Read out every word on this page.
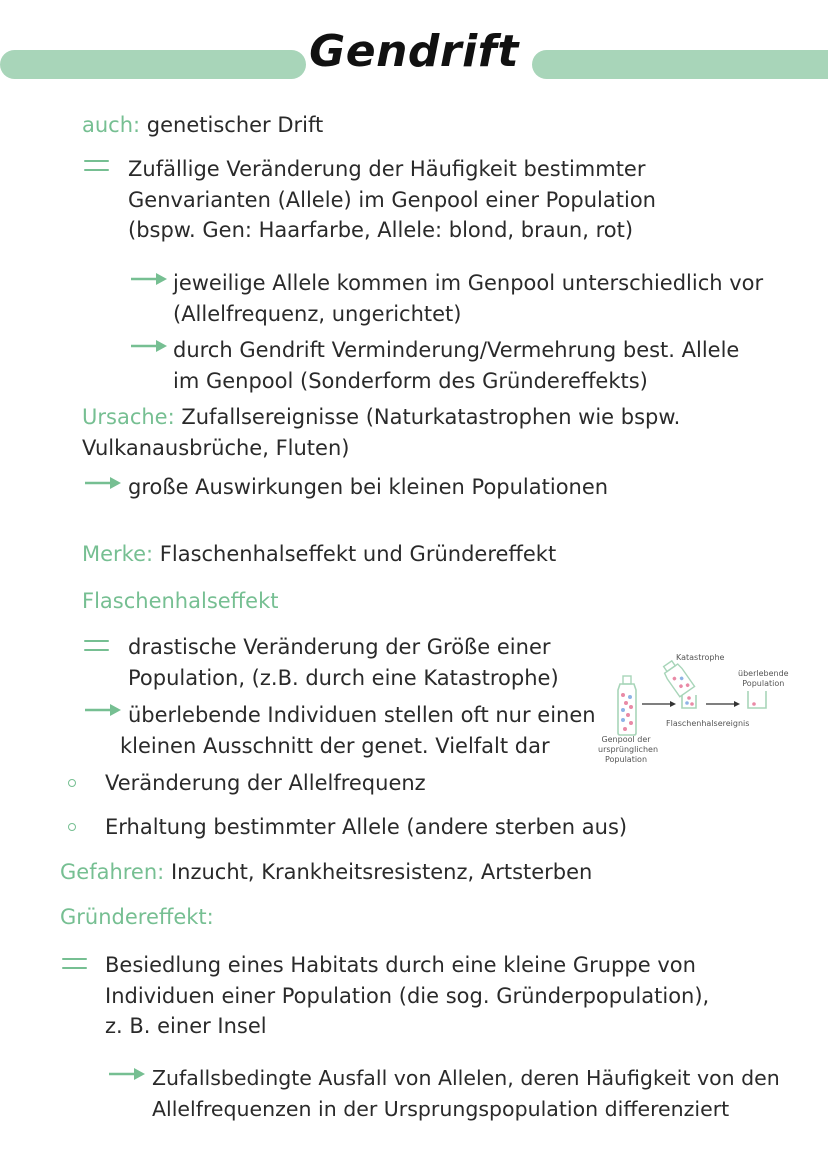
Gendrift
auch: genetischer Drift
Zufällige Veränderung der Häufigkeit bestimmter
Genvarianten (Allele) im Genpool einer Population
(bspw. Gen: Haarfarbe, Allele: blond, braun, rot)
jeweilige Allele kommen im Genpool unterschiedlich vor
(Allelfrequenz, ungerichtet)
durch Gendrift Verminderung/Vermehrung best. Allele
im Genpool (Sonderform des Gründereffekts)
Ursache: Zufallsereignisse (Naturkatastrophen wie bspw.
Vulkanausbrüche, Fluten)
große Auswirkungen bei kleinen Populationen
Merke: Flaschenhalseffekt und Gründereffekt
Flaschenhalseffekt
drastische Veränderung der Größe einer
Population, (z.B. durch eine Katastrophe)
überlebende Individuen stellen oft nur einen
kleinen Ausschnitt der genet. Vielfalt dar
Katastrophe
überlebende
Population
Flaschenhalsereignis
Genpool der
ursprünglichen
Population
Veränderung der Allelfrequenz
Erhaltung bestimmter Allele (andere sterben aus)
Gefahren: Inzucht, Krankheitsresistenz, Artsterben
Gründereffekt:
Besiedlung eines Habitats durch eine kleine Gruppe von
Individuen einer Population (die sog. Gründerpopulation),
z. B. einer Insel
Zufallsbedingte Ausfall von Allelen, deren Häufigkeit von den
Allelfrequenzen in der Ursprungspopulation differenziert
